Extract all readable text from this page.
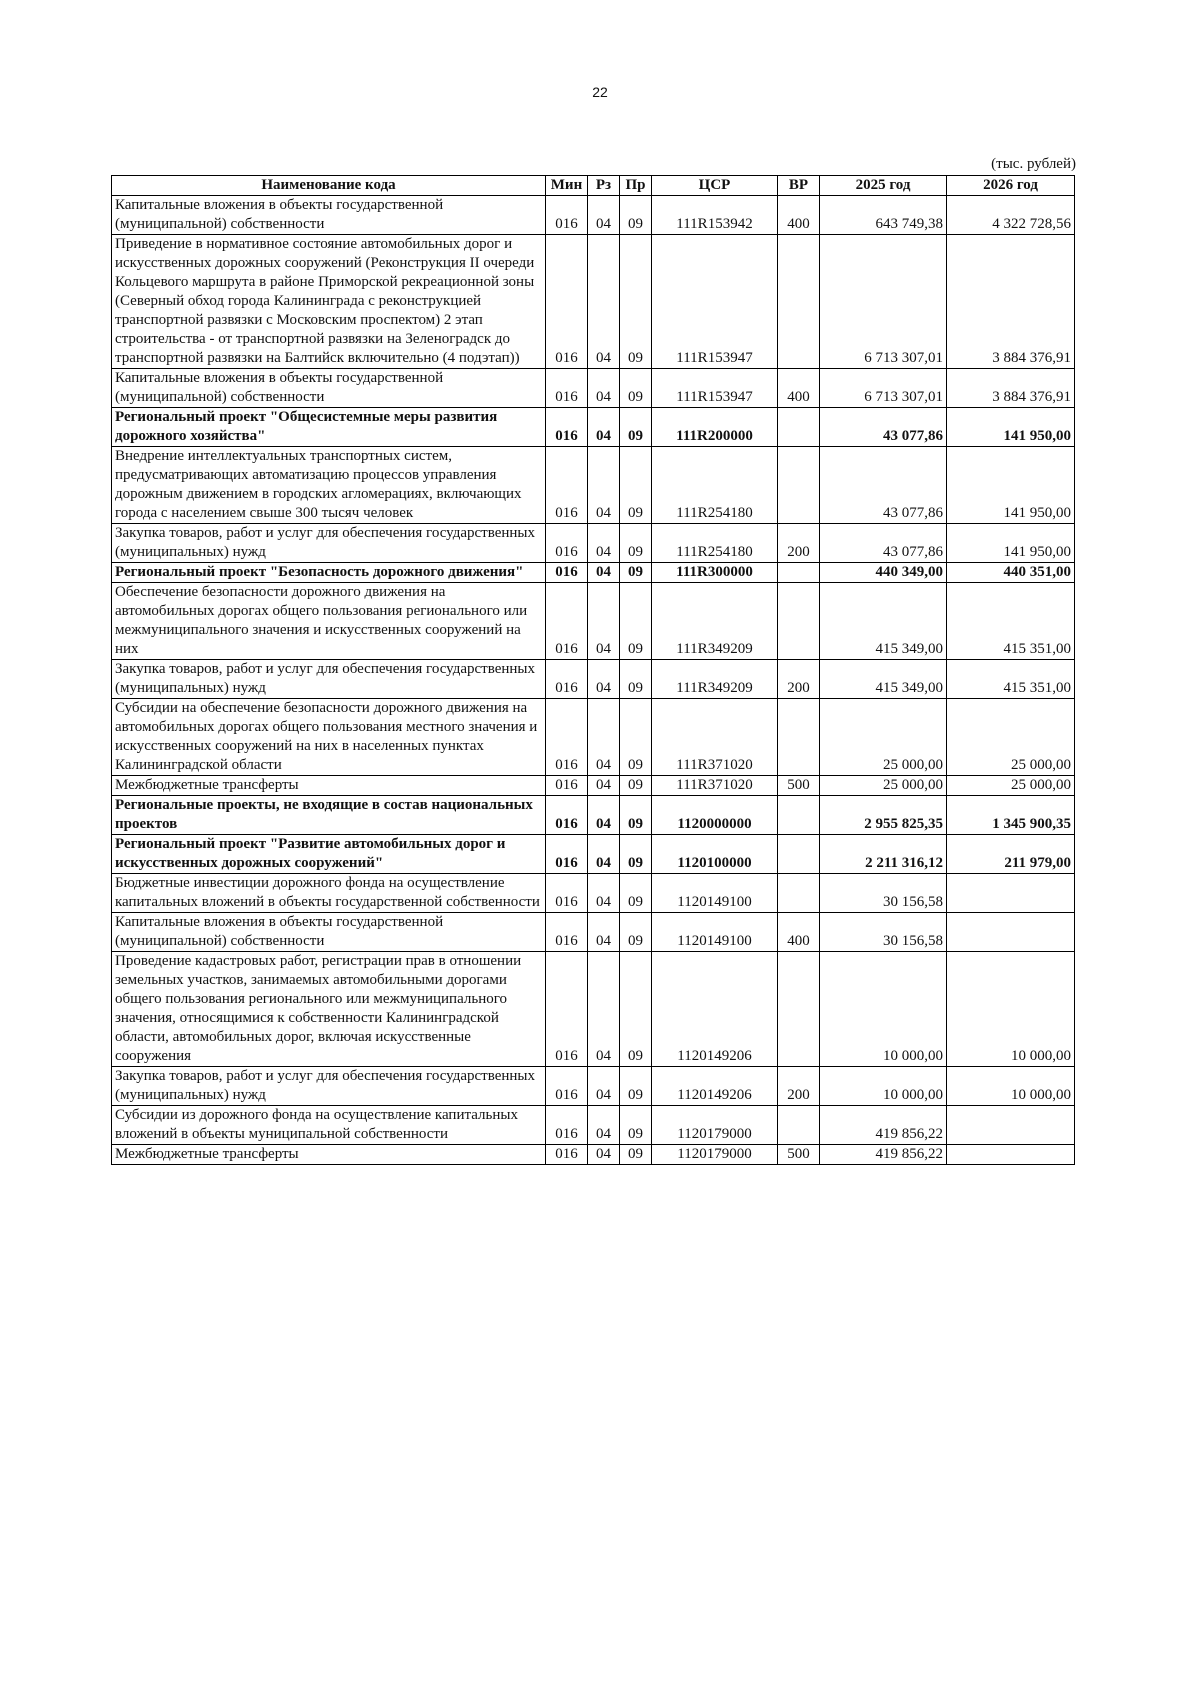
22
(тыс. рублей)
Наименование кода	Мин	Рз	Пр	ЦСР	ВР	2025 год	2026 год
Капитальные вложения в объекты государственной (муниципальной) собственности	016	04	09	111R153942	400	643 749,38	4 322 728,56
Приведение в нормативное состояние автомобильных дорог и искусственных дорожных сооружений (Реконструкция II очереди Кольцевого маршрута в районе Приморской рекреационной зоны (Северный обход города Калининграда с реконструкцией транспортной развязки с Московским проспектом) 2 этап строительства - от транспортной развязки на Зеленоградск до транспортной развязки на Балтийск включительно (4 подэтап))	016	04	09	111R153947		6 713 307,01	3 884 376,91
Капитальные вложения в объекты государственной (муниципальной) собственности	016	04	09	111R153947	400	6 713 307,01	3 884 376,91
Региональный проект "Общесистемные меры развития дорожного хозяйства"	016	04	09	111R200000		43 077,86	141 950,00
Внедрение интеллектуальных транспортных систем, предусматривающих автоматизацию процессов управления дорожным движением в городских агломерациях, включающих города с населением свыше 300 тысяч человек	016	04	09	111R254180		43 077,86	141 950,00
Закупка товаров, работ и услуг для обеспечения государственных (муниципальных) нужд	016	04	09	111R254180	200	43 077,86	141 950,00
Региональный проект "Безопасность дорожного движения"	016	04	09	111R300000		440 349,00	440 351,00
Обеспечение безопасности дорожного движения на автомобильных дорогах общего пользования регионального или межмуниципального значения и искусственных сооружений на них	016	04	09	111R349209		415 349,00	415 351,00
Закупка товаров, работ и услуг для обеспечения государственных (муниципальных) нужд	016	04	09	111R349209	200	415 349,00	415 351,00
Субсидии на обеспечение безопасности дорожного движения на автомобильных дорогах общего пользования местного значения и искусственных сооружений на них в населенных пунктах Калининградской области	016	04	09	111R371020		25 000,00	25 000,00
Межбюджетные трансферты	016	04	09	111R371020	500	25 000,00	25 000,00
Региональные проекты, не входящие в состав национальных проектов	016	04	09	1120000000		2 955 825,35	1 345 900,35
Региональный проект "Развитие автомобильных дорог и искусственных дорожных сооружений"	016	04	09	1120100000		2 211 316,12	211 979,00
Бюджетные инвестиции дорожного фонда на осуществление капитальных вложений в объекты государственной собственности	016	04	09	1120149100		30 156,58	
Капитальные вложения в объекты государственной (муниципальной) собственности	016	04	09	1120149100	400	30 156,58	
Проведение кадастровых работ, регистрации прав в отношении земельных участков, занимаемых автомобильными дорогами общего пользования регионального или межмуниципального значения, относящимися к собственности Калининградской области, автомобильных дорог, включая искусственные сооружения	016	04	09	1120149206		10 000,00	10 000,00
Закупка товаров, работ и услуг для обеспечения государственных (муниципальных) нужд	016	04	09	1120149206	200	10 000,00	10 000,00
Субсидии из дорожного фонда на осуществление капитальных вложений в объекты муниципальной собственности	016	04	09	1120179000		419 856,22	
Межбюджетные трансферты	016	04	09	1120179000	500	419 856,22	
